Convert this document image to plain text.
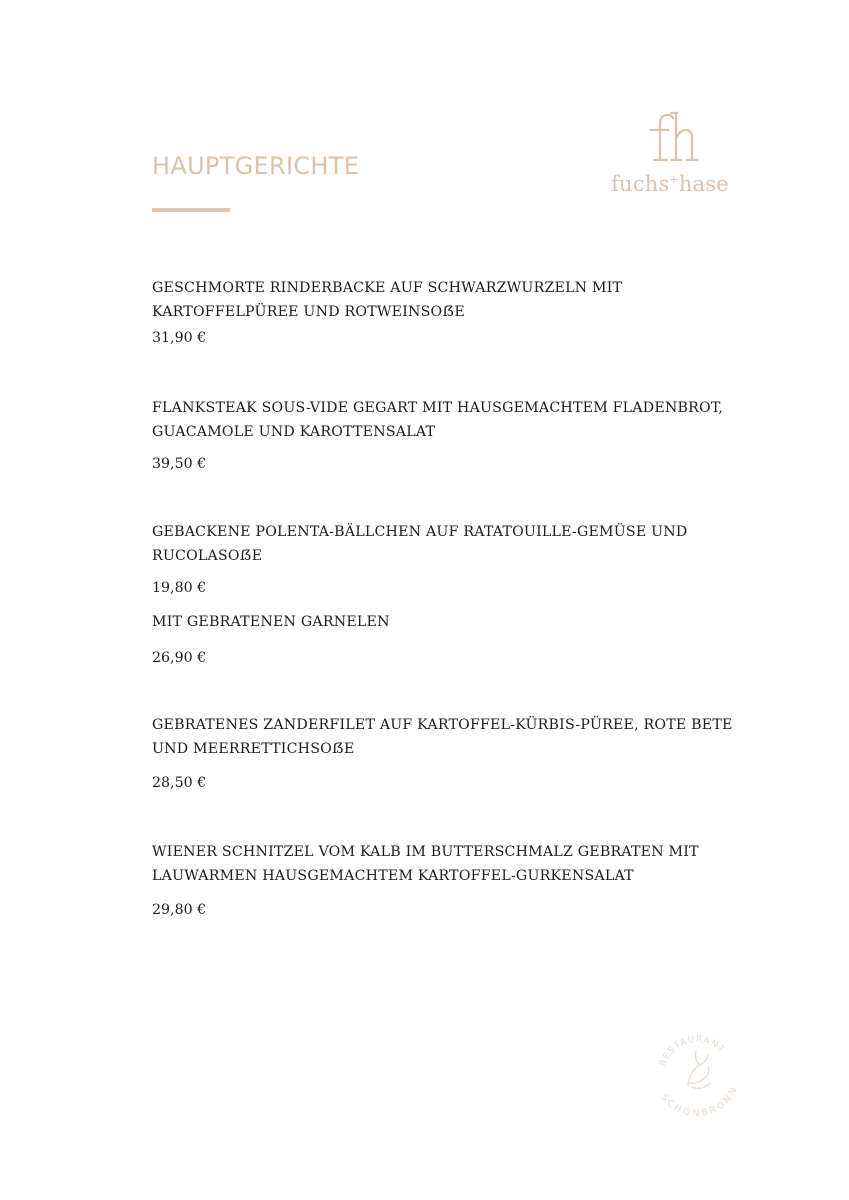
HAUPTGERICHTE
fuchs+hase

GESCHMORTE RINDERBACKE AUF SCHWARZWURZELN MIT

KARTOFFELPÜREE UND ROTWEINSOẞE

31,90 €

FLANKSTEAK SOUS-VIDE GEGART MIT HAUSGEMACHTEM FLADENBROT,

GUACAMOLE UND KAROTTENSALAT

39,50 €

GEBACKENE POLENTA-BÄLLCHEN AUF RATATOUILLE-GEMÜSE UND

RUCOLASOẞE

19,80 €
MIT GEBRATENEN GARNELEN
26,90 €

GEBRATENES ZANDERFILET AUF KARTOFFEL-KÜRBIS-PÜREE, ROTE BETE

UND MEERRETTICHSOẞE

28,50 €

WIENER SCHNITZEL VOM KALB IM BUTTERSCHMALZ GEBRATEN MIT

LAUWARMEN HAUSGEMACHTEM KARTOFFEL-GURKENSALAT

29,80 €
RESTAURANT
SCHÖNBRONN
